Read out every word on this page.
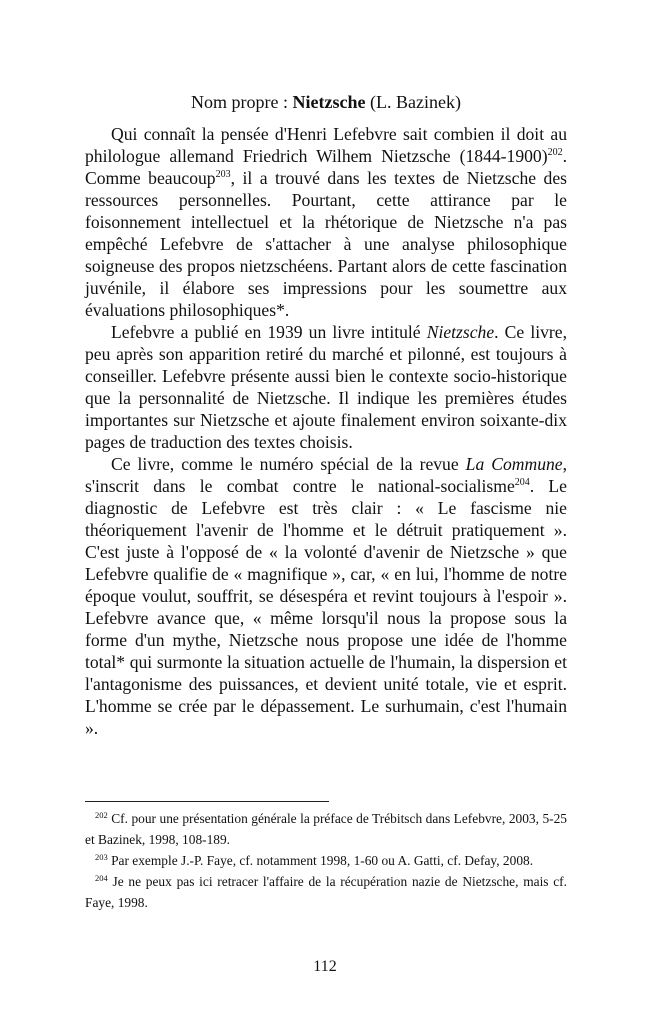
Nom propre : Nietzsche (L. Bazinek)

Qui connaît la pensée d'Henri Lefebvre sait combien il doit au philologue allemand Friedrich Wilhem Nietzsche (1844-1900)$^{202}$. Comme beaucoup$^{203}$, il a trouvé dans les textes de Nietzsche des ressources personnelles. Pourtant, cette attirance par le foisonnement intellectuel et la rhétorique de Nietzsche n'a pas empêché Lefebvre de s'attacher à une analyse philosophique soigneuse des propos nietzschéens. Partant alors de cette fascination juvénile, il élabore ses impressions pour les soumettre aux évaluations philosophiques*.

Lefebvre a publié en 1939 un livre intitulé Nietzsche. Ce livre, peu après son apparition retiré du marché et pilonné, est toujours à conseiller. Lefebvre présente aussi bien le contexte socio-historique que la personnalité de Nietzsche. Il indique les premières études importantes sur Nietzsche et ajoute finalement environ soixante-dix pages de traduction des textes choisis.

Ce livre, comme le numéro spécial de la revue La Commune, s'inscrit dans le combat contre le national-socialisme$^{204}$. Le diagnostic de Lefebvre est très clair : « Le fascisme nie théoriquement l'avenir de l'homme et le détruit pratiquement ». C'est juste à l'opposé de « la volonté d'avenir de Nietzsche » que Lefebvre qualifie de « magnifique », car, « en lui, l'homme de notre époque voulut, souffrit, se désespéra et revint toujours à l'espoir ». Lefebvre avance que, « même lorsqu'il nous la propose sous la forme d'un mythe, Nietzsche nous propose une idée de l'homme total* qui surmonte la situation actuelle de l'humain, la dispersion et l'antagonisme des puissances, et devient unité totale, vie et esprit. L'homme se crée par le dépassement. Le surhumain, c'est l'humain ».

$^{202}$ Cf. pour une présentation générale la préface de Trébitsch dans Lefebvre, 2003, 5-25 et Bazinek, 1998, 108-189.

$^{203}$ Par exemple J.-P. Faye, cf. notamment 1998, 1-60 ou A. Gatti, cf. Defay, 2008.

$^{204}$ Je ne peux pas ici retracer l'affaire de la récupération nazie de Nietzsche, mais cf. Faye, 1998.

112
